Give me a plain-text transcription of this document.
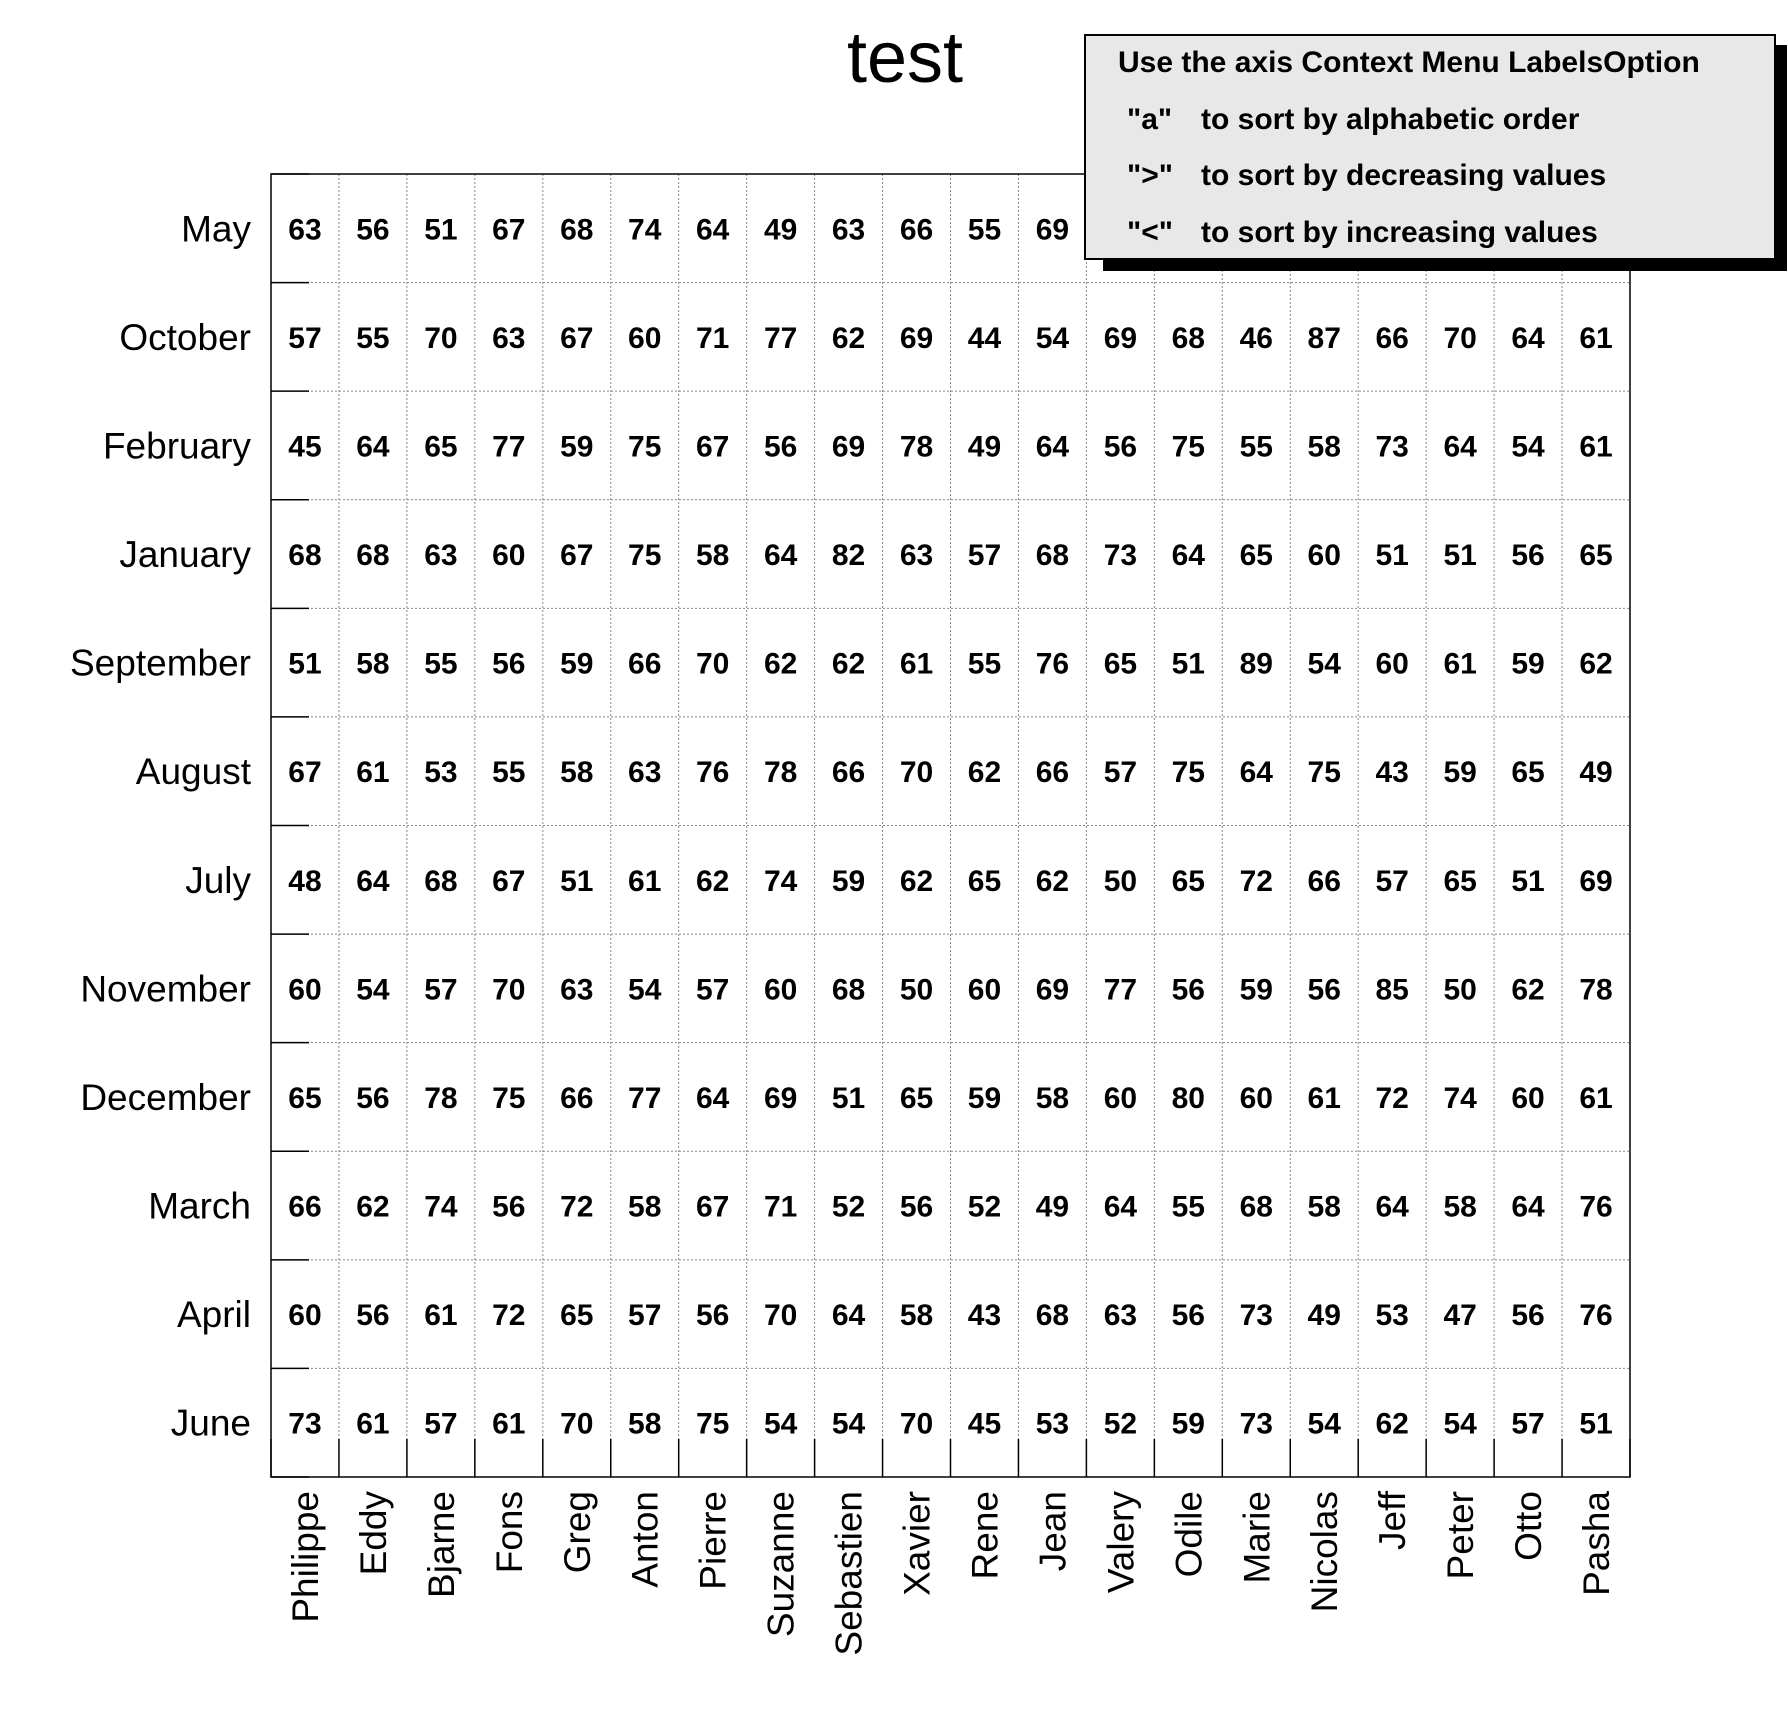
test
63 56 51 67 68 74 64 49 63 66 55 69
57 55 70 63 67 60 71 77 62 69 44 54 69 68 46 87 66 70 64 61
45 64 65 77 59 75 67 56 69 78 49 64 56 75 55 58 73 64 54 61
68 68 63 60 67 75 58 64 82 63 57 68 73 64 65 60 51 51 56 65
51 58 55 56 59 66 70 62 62 61 55 76 65 51 89 54 60 61 59 62
67 61 53 55 58 63 76 78 66 70 62 66 57 75 64 75 43 59 65 49
48 64 68 67 51 61 62 74 59 62 65 62 50 65 72 66 57 65 51 69
60 54 57 70 63 54 57 60 68 50 60 69 77 56 59 56 85 50 62 78
65 56 78 75 66 77 64 69 51 65 59 58 60 80 60 61 72 74 60 61
66 62 74 56 72 58 67 71 52 56 52 49 64 55 68 58 64 58 64 76
60 56 61 72 65 57 56 70 64 58 43 68 63 56 73 49 53 47 56 76
73 61 57 61 70 58 75 54 54 70 45 53 52 59 73 54 62 54 57 51
May
October
February
January
September
August
July
November
December
March
April
June
Philippe Eddy Bjarne Fons Greg Anton Pierre Suzanne Sebastien Xavier Rene Jean Valery Odile Marie Nicolas Jeff Peter Otto Pasha
Use the axis Context Menu LabelsOption
"a" to sort by alphabetic order
">" to sort by decreasing values
"<" to sort by increasing values
